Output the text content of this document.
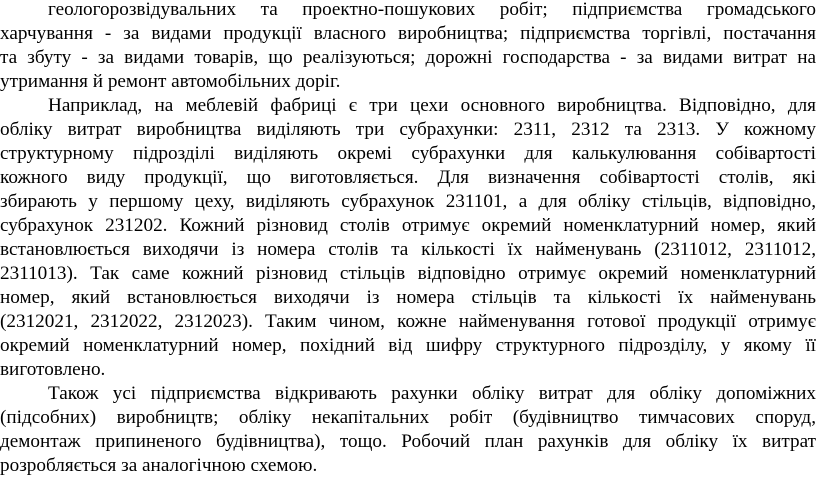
геологорозвідувальних та проектно-пошукових робіт; підприємства громадського
харчування - за видами продукції власного виробництва; підприємства торгівлі, постачання
та збуту - за видами товарів, що реалізуються; дорожні господарства - за видами витрат на
утримання й ремонт автомобільних доріг.
Наприклад, на меблевій фабриці є три цехи основного виробництва. Відповідно, для
обліку витрат виробництва виділяють три субрахунки: 2311, 2312 та 2313. У кожному
структурному підрозділі виділяють окремі субрахунки для калькулювання собівартості
кожного виду продукції, що виготовляється. Для визначення собівартості столів, які
збирають у першому цеху, виділяють субрахунок 231101, а для обліку стільців, відповідно,
субрахунок 231202. Кожний різновид столів отримує окремий номенклатурний номер, який
встановлюється виходячи із номера столів та кількості їх найменувань (2311012, 2311012,
2311013). Так саме кожний різновид стільців відповідно отримує окремий номенклатурний
номер, який встановлюється виходячи із номера стільців та кількості їх найменувань
(2312021, 2312022, 2312023). Таким чином, кожне найменування готової продукції отримує
окремий номенклатурний номер, похідний від шифру структурного підрозділу, у якому її
виготовлено.
Також усі підприємства відкривають рахунки обліку витрат для обліку допоміжних
(підсобних) виробництв; обліку некапітальних робіт (будівництво тимчасових споруд,
демонтаж припиненого будівництва), тощо. Робочий план рахунків для обліку їх витрат
розробляється за аналогічною схемою.
